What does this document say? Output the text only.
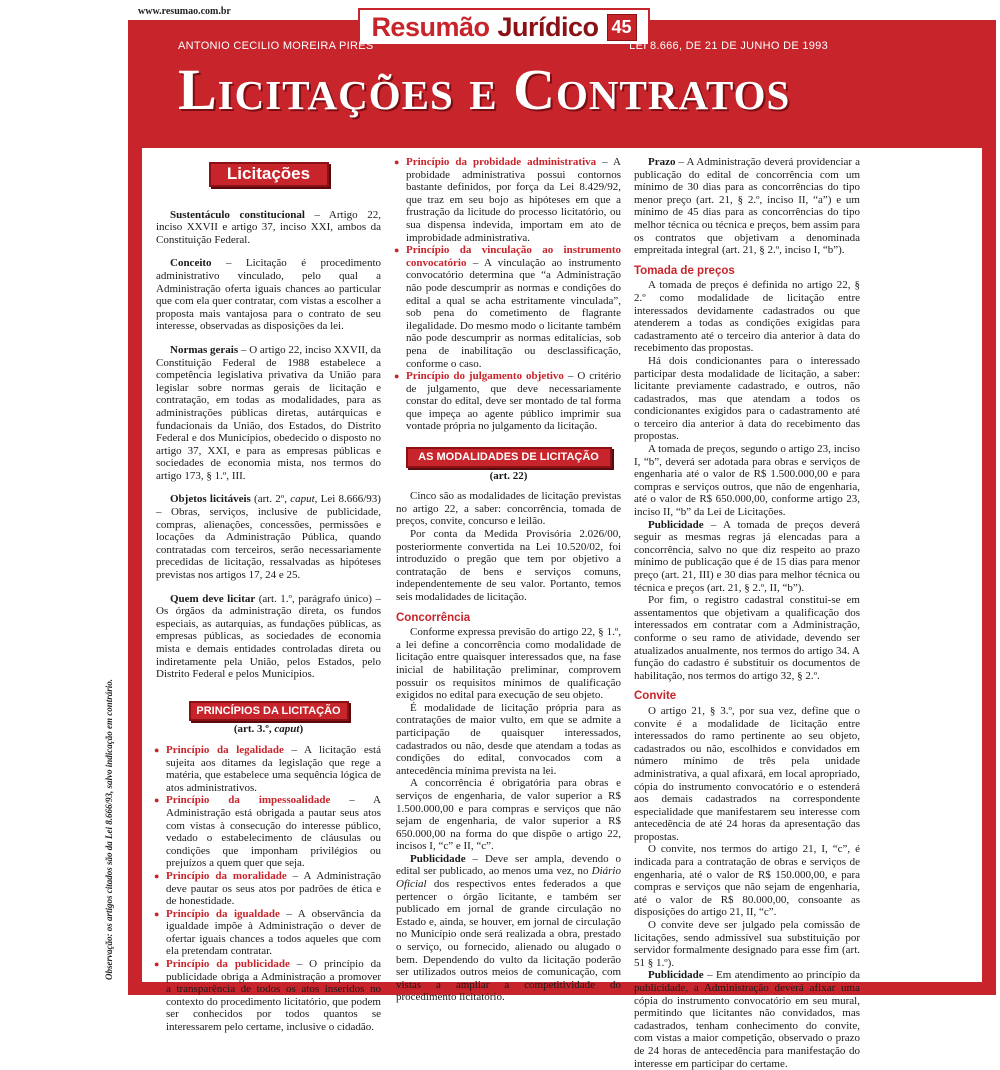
www.resumao.com.br	Resumão Jurídico 45
ANTONIO CECILIO MOREIRA PIRES	LEI 8.666, DE 21 DE JUNHO DE 1993
Licitações e Contratos
Observação: os artigos citados são da Lei 8.666/93, salvo indicação em contrário.
Licitações

Sustentáculo constitucional – Artigo 22, inciso XXVII e artigo 37, inciso XXI, ambos da Constituição Federal.

Conceito – Licitação é procedimento administrativo vinculado, pelo qual a Administração oferta iguais chances ao particular que com ela quer contratar, com vistas a escolher a proposta mais vantajosa para o contrato de seu interesse, observadas as disposições da lei.

Normas gerais – O artigo 22, inciso XXVII, da Constituição Federal de 1988 estabelece a competência legislativa privativa da União para legislar sobre normas gerais de licitação e contratação, em todas as modalidades, para as administrações públicas diretas, autárquicas e fundacionais da União, dos Estados, do Distrito Federal e dos Municípios, obedecido o disposto no artigo 37, XXI, e para as empresas públicas e sociedades de economia mista, nos termos do artigo 173, § 1.º, III.

Objetos licitáveis (art. 2º, caput, Lei 8.666/93) – Obras, serviços, inclusive de publicidade, compras, alienações, concessões, permissões e locações da Administração Pública, quando contratadas com terceiros, serão necessariamente precedidas de licitação, ressalvadas as hipóteses previstas nos artigos 17, 24 e 25.

Quem deve licitar (art. 1.º, parágrafo único) – Os órgãos da administração direta, os fundos especiais, as autarquias, as fundações públicas, as empresas públicas, as sociedades de economia mista e demais entidades controladas direta ou indiretamente pela União, pelos Estados, pelo Distrito Federal e pelos Municípios.

PRINCÍPIOS DA LICITAÇÃO
(art. 3.º, caput)
● Princípio da legalidade – A licitação está sujeita aos ditames da legislação que rege a matéria, que estabelece uma sequência lógica de atos administrativos.
● Princípio da impessoalidade – A Administração está obrigada a pautar seus atos com vistas à consecução do interesse público, vedado o estabelecimento de cláusulas ou condições que imponham privilégios ou prejuízos a quem quer que seja.
● Princípio da moralidade – A Administração deve pautar os seus atos por padrões de ética e de honestidade.
● Princípio da igualdade – A observância da igualdade impõe à Administração o dever de ofertar iguais chances a todos aqueles que com ela pretendam contratar.
● Princípio da publicidade – O princípio da publicidade obriga a Administração a promover a transparência de todos os atos inseridos no contexto do procedimento licitatório, que podem ser conhecidos por todos quantos se interessarem pelo certame, inclusive o cidadão.
● Princípio da probidade administrativa – A probidade administrativa possui contornos bastante definidos, por força da Lei 8.429/92, que traz em seu bojo as hipóteses em que a frustração da licitude do processo licitatório, ou sua dispensa indevida, importam em ato de improbidade administrativa.
● Princípio da vinculação ao instrumento convocatório – A vinculação ao instrumento convocatório determina que “a Administração não pode descumprir as normas e condições do edital a qual se acha estritamente vinculada”, sob pena do cometimento de flagrante ilegalidade. Do mesmo modo o licitante também não pode descumprir as normas editalícias, sob pena de inabilitação ou desclassificação, conforme o caso.
● Princípio do julgamento objetivo – O critério de julgamento, que deve necessariamente constar do edital, deve ser montado de tal forma que impeça ao agente público imprimir sua vontade própria no julgamento da licitação.
AS MODALIDADES DE LICITAÇÃO
(art. 22)

Cinco são as modalidades de licitação previstas no artigo 22, a saber: concorrência, tomada de preços, convite, concurso e leilão.

Por conta da Medida Provisória 2.026/00, posteriormente convertida na Lei 10.520/02, foi introduzido o pregão que tem por objetivo a contratação de bens e serviços comuns, independentemente de seu valor. Portanto, temos seis modalidades de licitação.

Concorrência

Conforme expressa previsão do artigo 22, § 1.º, a lei define a concorrência como modalidade de licitação entre quaisquer interessados que, na fase inicial de habilitação preliminar, comprovem possuir os requisitos mínimos de qualificação exigidos no edital para execução de seu objeto.

É modalidade de licitação própria para as contratações de maior vulto, em que se admite a participação de quaisquer interessados, cadastrados ou não, desde que atendam a todas as condições do edital, convocados com a antecedência mínima prevista na lei.

A concorrência é obrigatória para obras e serviços de engenharia, de valor superior a R$ 1.500.000,00 e para compras e serviços que não sejam de engenharia, de valor superior a R$ 650.000,00 na forma do que dispõe o artigo 22, incisos I, “c” e II, “c”.

Publicidade – Deve ser ampla, devendo o edital ser publicado, ao menos uma vez, no Diário Oficial dos respectivos entes federados a que pertencer o órgão licitante, e também ser publicado em jornal de grande circulação no Estado e, ainda, se houver, em jornal de circulação no Município onde será realizada a obra, prestado o serviço, ou fornecido, alienado ou alugado o bem. Dependendo do vulto da licitação poderão ser utilizados outros meios de comunicação, com vistas a ampliar a competitividade do procedimento licitatório.

Prazo – A Administração deverá providenciar a publicação do edital de concorrência com um mínimo de 30 dias para as concorrências do tipo menor preço (art. 21, § 2.º, inciso II, “a”) e um mínimo de 45 dias para as concorrências do tipo melhor técnica ou técnica e preços, bem assim para os contratos que objetivam a denominada empreitada integral (art. 21, § 2.º, inciso I, “b”).

Tomada de preços

A tomada de preços é definida no artigo 22, § 2.º como modalidade de licitação entre interessados devidamente cadastrados ou que atenderem a todas as condições exigidas para cadastramento até o terceiro dia anterior à data do recebimento das propostas.

Há dois condicionantes para o interessado participar desta modalidade de licitação, a saber: licitante previamente cadastrado, e outros, não cadastrados, mas que atendam a todos os condicionantes exigidos para o cadastramento até o terceiro dia anterior à data do recebimento das propostas.

A tomada de preços, segundo o artigo 23, inciso I, “b”, deverá ser adotada para obras e serviços de engenharia até o valor de R$ 1.500.000,00 e para compras e serviços outros, que não de engenharia, até o valor de R$ 650.000,00, conforme artigo 23, inciso II, “b” da Lei de Licitações.

Publicidade – A tomada de preços deverá seguir as mesmas regras já elencadas para a concorrência, salvo no que diz respeito ao prazo mínimo de publicação que é de 15 dias para menor preço (art. 21, III) e 30 dias para melhor técnica ou técnica e preços (art. 21, § 2.º, II, “b”).

Por fim, o registro cadastral constitui-se em assentamentos que objetivam a qualificação dos interessados em contratar com a Administração, conforme o seu ramo de atividade, devendo ser atualizados anualmente, nos termos do artigo 34. A função do cadastro é substituir os documentos de habilitação, nos termos do artigo 32, § 2.º.

Convite

O artigo 21, § 3.º, por sua vez, define que o convite é a modalidade de licitação entre interessados do ramo pertinente ao seu objeto, cadastrados ou não, escolhidos e convidados em número mínimo de três pela unidade administrativa, a qual afixará, em local apropriado, cópia do instrumento convocatório e o estenderá aos demais cadastrados na correspondente especialidade que manifestarem seu interesse com antecedência de até 24 horas da apresentação das propostas.

O convite, nos termos do artigo 21, I, “c”, é indicada para a contratação de obras e serviços de engenharia, até o valor de R$ 150.000,00, e para compras e serviços que não sejam de engenharia, até o valor de R$ 80.000,00, consoante as disposições do artigo 21, II, “c”.

O convite deve ser julgado pela comissão de licitações, sendo admissível sua substituição por servidor formalmente designado para esse fim (art. 51 § 1.º).

Publicidade – Em atendimento ao princípio da publicidade, a Administração deverá afixar uma cópia do instrumento convocatório em seu mural, permitindo que licitantes não convidados, mas cadastrados, tenham conhecimento do convite, com vistas a maior competição, observado o prazo de 24 horas de antecedência para manifestação do interesse em participar do certame.
